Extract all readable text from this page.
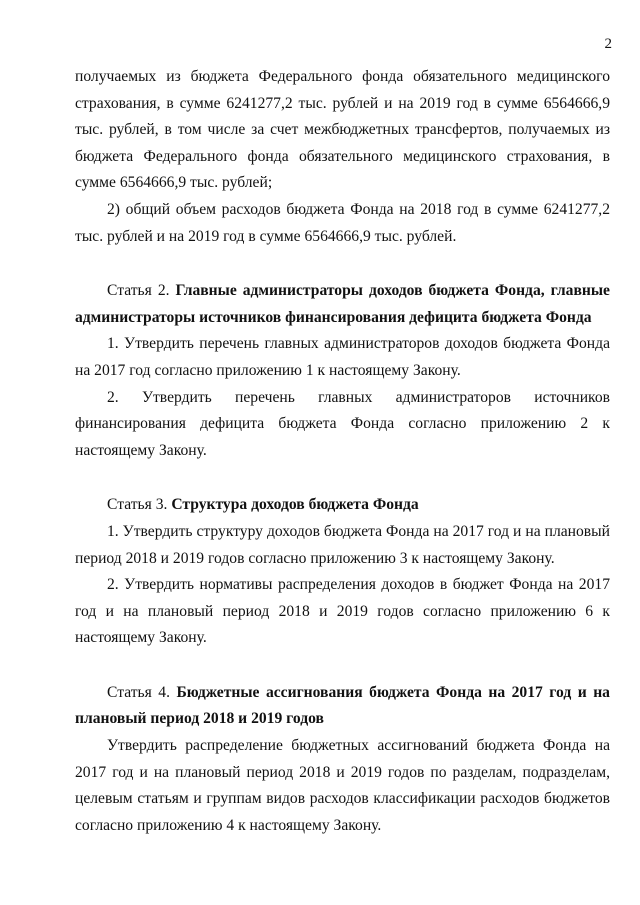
2

получаемых из бюджета Федерального фонда обязательного медицинского страхования, в сумме 6241277,2 тыс. рублей и на 2019 год в сумме 6564666,9 тыс. рублей, в том числе за счет межбюджетных трансфертов, получаемых из бюджета Федерального фонда обязательного медицинского страхования, в сумме 6564666,9 тыс. рублей;

2) общий объем расходов бюджета Фонда на 2018 год в сумме 6241277,2 тыс. рублей и на 2019 год в сумме 6564666,9 тыс. рублей.

Статья 2. Главные администраторы доходов бюджета Фонда, главные администраторы источников финансирования дефицита бюджета Фонда

1. Утвердить перечень главных администраторов доходов бюджета Фонда на 2017 год согласно приложению 1 к настоящему Закону.

2. Утвердить перечень главных администраторов источников финансирования дефицита бюджета Фонда согласно приложению 2 к настоящему Закону.

Статья 3. Структура доходов бюджета Фонда

1. Утвердить структуру доходов бюджета Фонда на 2017 год и на плановый период 2018 и 2019 годов согласно приложению 3 к настоящему Закону.

2. Утвердить нормативы распределения доходов в бюджет Фонда на 2017 год и на плановый период 2018 и 2019 годов согласно приложению 6 к настоящему Закону.

Статья 4. Бюджетные ассигнования бюджета Фонда на 2017 год и на плановый период 2018 и 2019 годов

Утвердить распределение бюджетных ассигнований бюджета Фонда на 2017 год и на плановый период 2018 и 2019 годов по разделам, подразделам, целевым статьям и группам видов расходов классификации расходов бюджетов согласно приложению 4 к настоящему Закону.
